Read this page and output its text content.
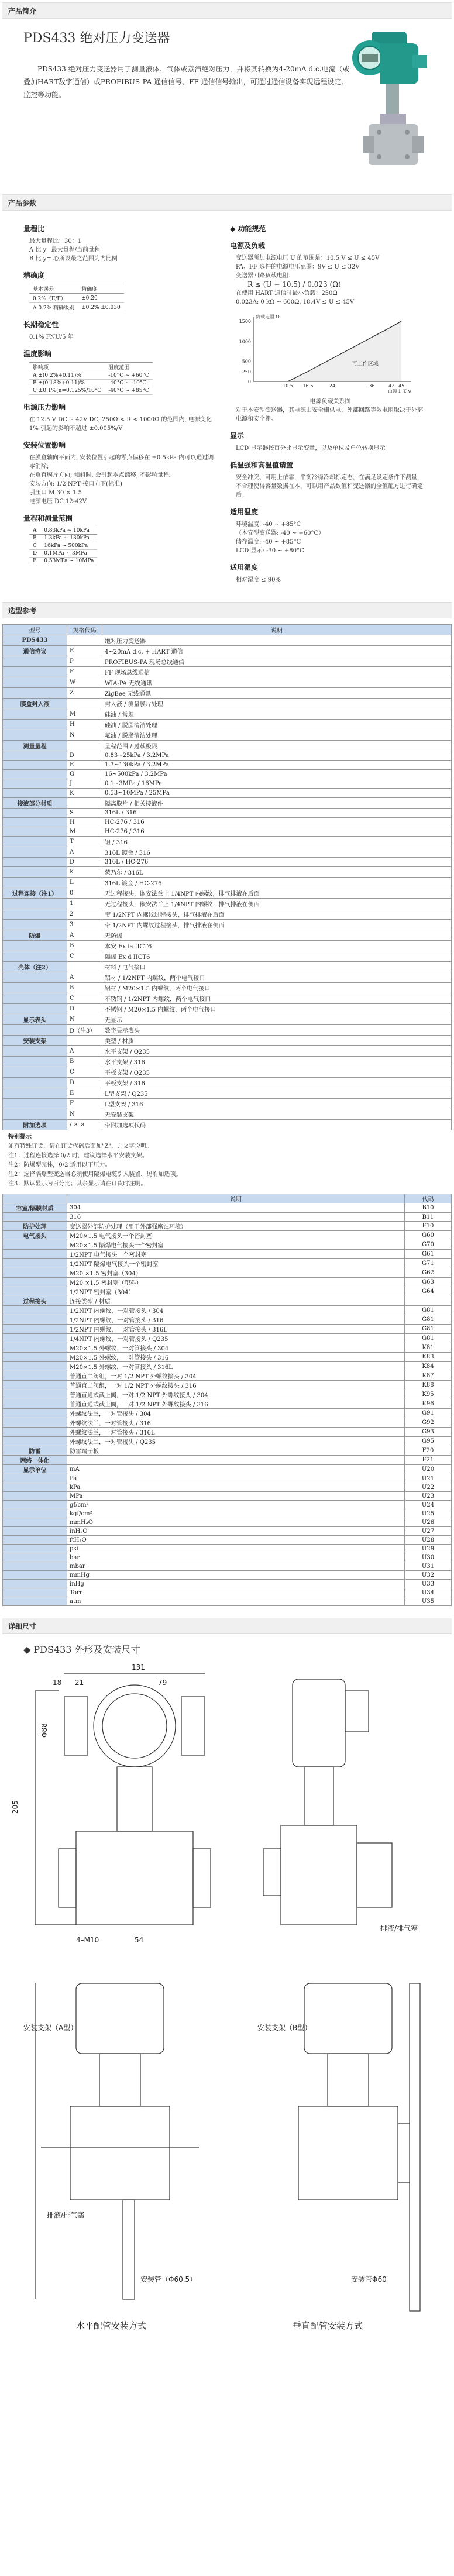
产品简介
PDS433 绝对压力变送器
PDS433 绝对压力变送器用于测量液体、气体或蒸汽绝对压力，并将其转换为4-20mA d.c.电流（或叠加HART数字通信）或PROFIBUS-PA 通信信号、FF 通信信号输出，可通过通信设备实现远程设定、监控等功能。
产品参数
量程比
最大量程比：30：1
A 比 y=最大量程/当前量程
B 比 y= 心所设最之范围为内比例
精确度
基本误差	精确度
0.2%（E/F）	±0.20
A 0.2% 精确级别	±0.2% ±0.030
长期稳定性
0.1% FNU/5 年
温度影响
影响项	温度范围
A ±(0.2%+0.11)%	-10°C ~ +60°C
B ±(0.18%+0.11)%	-40°C ~ -10°C
C ±0.1%(n=0.125%/10°C	-40°C ~ +85°C
电源压力影响
在 12.5 V DC ~ 42V DC, 250Ω < R < 1000Ω 的范围内, 电源变化 1% 引起的影响不超过 ±0.005%/V
安装位置影响
在膜盒轴向平面内, 安装位置引起的零点偏移在 ±0.5kPa 内可以通过调零消除;
在垂直膜片方向, 倾斜时, 会引起零点漂移, 不影响量程。
安装方向: 1/2 NPT 接口向下(标准)
引压口 M 30 × 1.5
电源电压 DC 12-42V
量程和测量范围
A	0.83kPa ~ 10kPa
B	1.3kPa ~ 130kPa
C	16kPa ~ 500kPa
D	0.1MPa ~ 3MPa
E	0.53MPa ~ 10MPa
◆ 功能规范
电源及负载
变送器所加电源电压 U 的范围是：10.5 V ≤ U ≤ 45V
PA、FF 选件的电源电压范围：9V ≤ U ≤ 32V
变送器回路负载电阻：
R ≤ (U − 10.5) / 0.023 (Ω)
在使用 HART 通信时最小负载：250Ω
0.023A: 0 kΩ ~ 600Ω, 18.4V ≤ U ≤ 45V
0
250
500
1000
1500
10.5 16.6	24	36	42 45
可工作区域
电源电压 V
负载电阻 Ω
电源负载关系图
对于本安型变送器，其电源由安全栅供电，外部回路等效电阻取决于外部电源和安全栅。
显示
LCD 显示器按百分比显示变量，以及单位及单位转换显示。
低温强和高温值请置
安全冲突、可用上依靠，平衡冷稳冷却标定态，在满足设定条件下测量，不合理使得容量数据在本，可以用产品数值和变送器的全值配方进行确定后。
适用温度
环境温度: -40 ~ +85°C
（本安型变送器: -40 ~ +60°C）
储存温度: -40 ~ +85°C
LCD 显示: -30 ~ +80°C
适用湿度
相对湿度 ≤ 90%
选型参考
型号	规格代码	说明
PDS433		绝对压力变送器
通信协议	E	4~20mA d.c. + HART 通信
	P	PROFIBUS-PA 现场总线通信
	F	FF 现场总线通信
	W	WIA-PA 无线通讯
	Z	ZigBee 无线通讯
膜盒封入液		封入液 / 测量膜片处理
	M	硅油 / 常规
	H	硅油 / 脱脂清洁处理
	N	氟油 / 脱脂清洁处理
测量量程		量程范围 / 过载极限
	D	0.83~25kPa / 3.2MPa
	E	1.3~130kPa / 3.2MPa
	G	16~500kPa / 3.2MPa
	J	0.1~3MPa / 16MPa
	K	0.53~10MPa / 25MPa
接液部分材质		隔离膜片 / 相关接液件
	S	316L / 316
	H	HC-276 / 316
	M	HC-276 / 316
	T	钽 / 316
	A	316L 镀金 / 316
	D	316L / HC-276
	K	蒙乃尔 / 316L
	L	316L 镀金 / HC-276
过程连接（注1）	0	无过程接头，嵌安法兰上 1/4NPT 内螺纹，排气排液在后面
	1	无过程接头，嵌安法兰上 1/4NPT 内螺纹，排气排液在侧面
	2	带 1/2NPT 内螺纹过程接头，排气排液在后面
	3	带 1/2NPT 内螺纹过程接头，排气排液在侧面
防爆	A	无防爆
	B	本安 Ex ia IICT6
	C	隔爆 Ex d IICT6
壳体（注2）		材料 / 电气接口
	A	铝材 / 1/2NPT 内螺纹，两个电气接口
	B	铝材 / M20×1.5 内螺纹，两个电气接口
	C	不锈钢 / 1/2NPT 内螺纹，两个电气接口
	D	不锈钢 / M20×1.5 内螺纹，两个电气接口
显示表头	N	无显示
	D（注3）	数字显示表头
安装支架		类型 / 材质
	A	水平支架 / Q235
	B	水平支架 / 316
	C	平板支架 / Q235
	D	平板支架 / 316
	E	L型支架 / Q235
	F	L型支架 / 316
	N	无安装支架
附加选项	/ × ×	带附加选项代码
特别提示
如有特殊订货，请在订货代码后面加"Z"，并文字说明。
注1：过程连接选择 0/2 时，建议选择水平安装支架。
注2：防爆型壳体，0/2 适用以下压力。
注2：选择隔爆型变送器必须使用隔爆电缆引入装置，见附加选项。
注3：默认显示为百分比；其余显示请在订货时注明。
	说明	代码
容室/隔膜材质	304	B10
	316	B11
防护处理	变送器外部防护处理（用于外部强腐蚀环境）	F10
电气接头	M20×1.5 电气接头一个密封塞	G60
	M20×1.5 隔爆电气接头一个密封塞	G70
	1/2NPT 电气接头一个密封塞	G61
	1/2NPT 隔爆电气接头一个密封塞	G71
	M20 ×1.5 密封塞（304）	G62
	M20 ×1.5 密封塞（塑料）	G63
	1/2NPT 密封塞（304）	G64
过程接头	连接类型 / 材质	
	1/2NPT 内螺纹，一对管接头 / 304	G81
	1/2NPT 内螺纹，一对管接头 / 316	G81
	1/2NPT 内螺纹，一对管接头 / 316L	G81
	1/4NPT 内螺纹，一对管接头 / Q235	G81
	M20×1.5 外螺纹，一对管接头 / 304	K81
	M20×1.5 外螺纹，一对管接头 / 316	K83
	M20×1.5 外螺纹，一对管接头 / 316L	K84
	普通直二阀组，一对 1/2 NPT 外螺纹接头 / 304	K87
	普通直二阀组，一对 1/2 NPT 外螺纹接头 / 316	K88
	普通直通式截止阀，一对 1/2 NPT 外螺纹接头 / 304	K95
	普通直通式截止阀，一对 1/2 NPT 外螺纹接头 / 316	K96
	外螺纹法兰，一对管接头 / 304	G91
	外螺纹法兰，一对管接头 / 316	G92
	外螺纹法兰，一对管接头 / 316L	G93
	外螺纹法兰，一对管接头 / Q235	G95
防雷	防雷端子板	F20
网络一体化		F21
显示单位	mA	U20
	Pa	U21
	kPa	U22
	MPa	U23
	gf/cm²	U24
	kgf/cm²	U25
	mmH₂O	U26
	inH₂O	U27
	ftH₂O	U28
	psi	U29
	bar	U30
	mbar	U31
	mmHg	U32
	inHg	U33
	Torr	U34
	atm	U35
详细尺寸
◆ PDS433 外形及安装尺寸
131
18 21	79
205
Φ88
4–M10	54
排液/排气塞
安装支架（A型）
排液/排气塞
安装管（Φ60.5）
水平配管安装方式
安装支架（B型）
安装管Φ60
垂直配管安装方式
